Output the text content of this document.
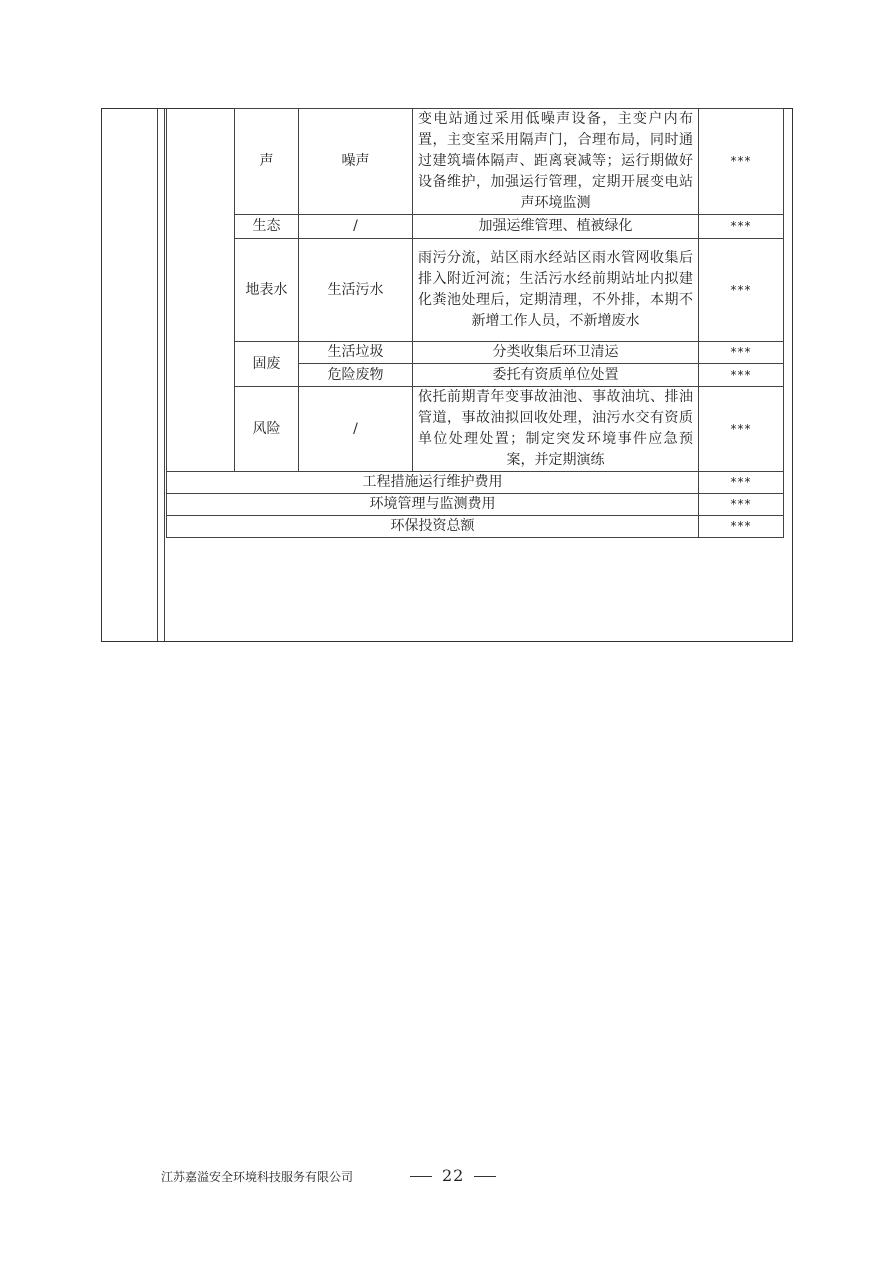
	声	噪声	变电站通过采用低噪声设备，主变户内布置，主变室采用隔声门，合理布局，同时通过建筑墙体隔声、距离衰减等；运行期做好设备维护，加强运行管理，定期开展变电站声环境监测	***
	生态	/	加强运维管理、植被绿化	***
	地表水	生活污水	雨污分流，站区雨水经站区雨水管网收集后排入附近河流；生活污水经前期站址内拟建化粪池处理后，定期清理，不外排，本期不新增工作人员，不新增废水	***
	固废	生活垃圾	分类收集后环卫清运	***
		危险废物	委托有资质单位处置	***
	风险	/	依托前期青年变事故油池、事故油坑、排油管道，事故油拟回收处理，油污水交有资质单位处理处置；制定突发环境事件应急预案，并定期演练	***
工程措施运行维护费用				***
环境管理与监测费用				***
环保投资总额				***
江苏嘉溢安全环境科技服务有限公司	22
